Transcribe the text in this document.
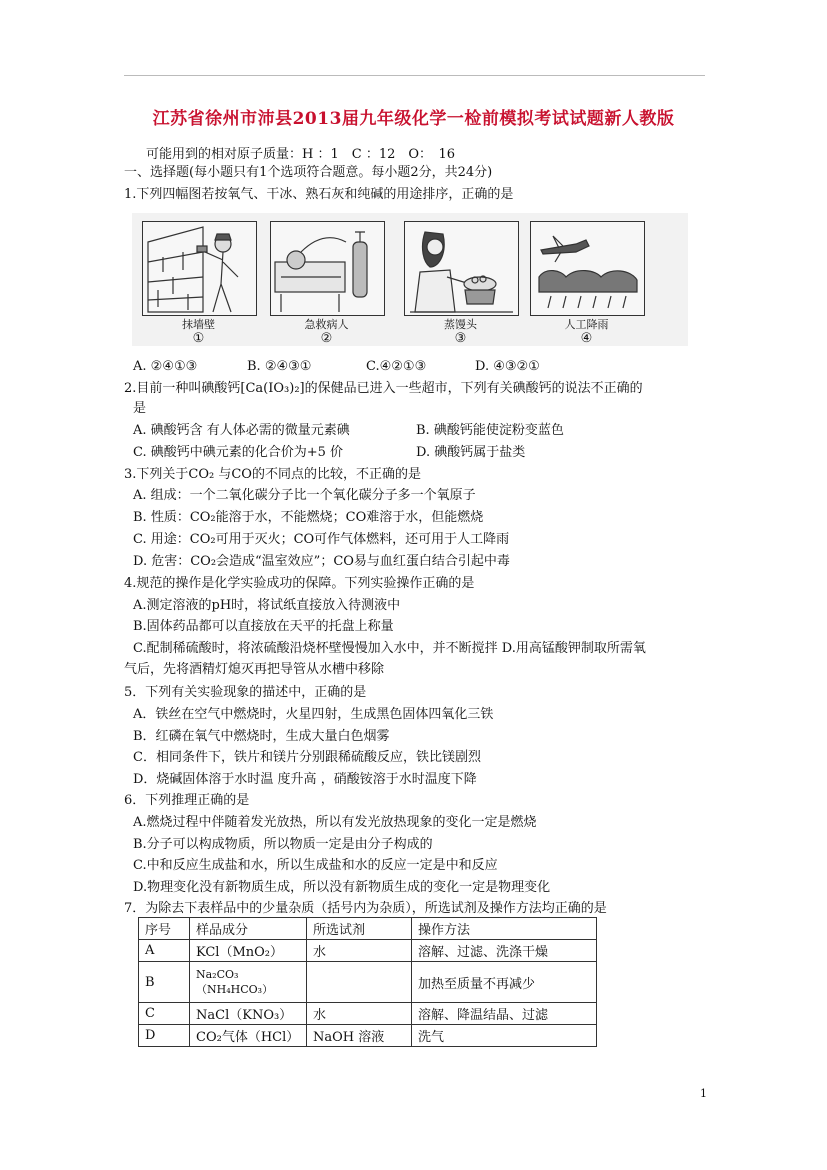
江苏省徐州市沛县2013届九年级化学一检前模拟考试试题新人教版
可能用到的相对原子质量：H ：1　C ：12　O：　16
一、选择题(每小题只有1个选项符合题意。每小题2分，共24分)
1.下列四幅图若按氧气、干冰、熟石灰和纯碱的用途排序，正确的是
抹墙壁
①
急救病人
②
蒸馒头
③
人工降雨
④
A. ②④①③	B. ②④③①	C.④②①③	D. ④③②①
2.目前一种叫碘酸钙[Ca(IO₃)₂]的保健品已进入一些超市，下列有关碘酸钙的说法不正确的
是
A. 碘酸钙含 有人体必需的微量元素碘	B. 碘酸钙能使淀粉变蓝色
C. 碘酸钙中碘元素的化合价为+5 价	D. 碘酸钙属于盐类
3.下列关于CO₂ 与CO的不同点的比较，不正确的是
A. 组成：一个二氧化碳分子比一个氧化碳分子多一个氧原子
B. 性质：CO₂能溶于水，不能燃烧；CO难溶于水，但能燃烧
C. 用途：CO₂可用于灭火；CO可作气体燃料，还可用于人工降雨
D. 危害：CO₂会造成“温室效应”；CO易与血红蛋白结合引起中毒
4.规范的操作是化学实验成功的保障。下列实验操作正确的是
A.测定溶液的pH时，将试纸直接放入待测液中
B.固体药品都可以直接放在天平的托盘上称量
C.配制稀硫酸时，将浓硫酸沿烧杯壁慢慢加入水中，并不断搅拌 D.用高锰酸钾制取所需氧
气后，先将酒精灯熄灭再把导管从水槽中移除
5．下列有关实验现象的描述中，正确的是
A．铁丝在空气中燃烧时，火星四射，生成黑色固体四氧化三铁
B．红磷在氧气中燃烧时，生成大量白色烟雾
C．相同条件下，铁片和镁片分别跟稀硫酸反应，铁比镁剧烈
D．烧碱固体溶于水时温 度升高 ，硝酸铵溶于水时温度下降
6．下列推理正确的是
A.燃烧过程中伴随着发光放热，所以有发光放热现象的变化一定是燃烧
B.分子可以构成物质，所以物质一定是由分子构成的
C.中和反应生成盐和水，所以生成盐和水的反应一定是中和反应
D.物理变化没有新物质生成，所以没有新物质生成的变化一定是物理变化
7．为除去下表样品中的少量杂质（括号内为杂质），所选试剂及操作方法均正确的是
序号	样品成分	所选试剂	操作方法
A	KCl（MnO₂）	水	溶解、过滤、洗涤干燥
B	Na₂CO₃
（NH₄HCO₃）		加热至质量不再减少
C	NaCl（KNO₃）	水	溶解、降温结晶、过滤
D	CO₂气体（HCl）	NaOH 溶液	洗气
1
